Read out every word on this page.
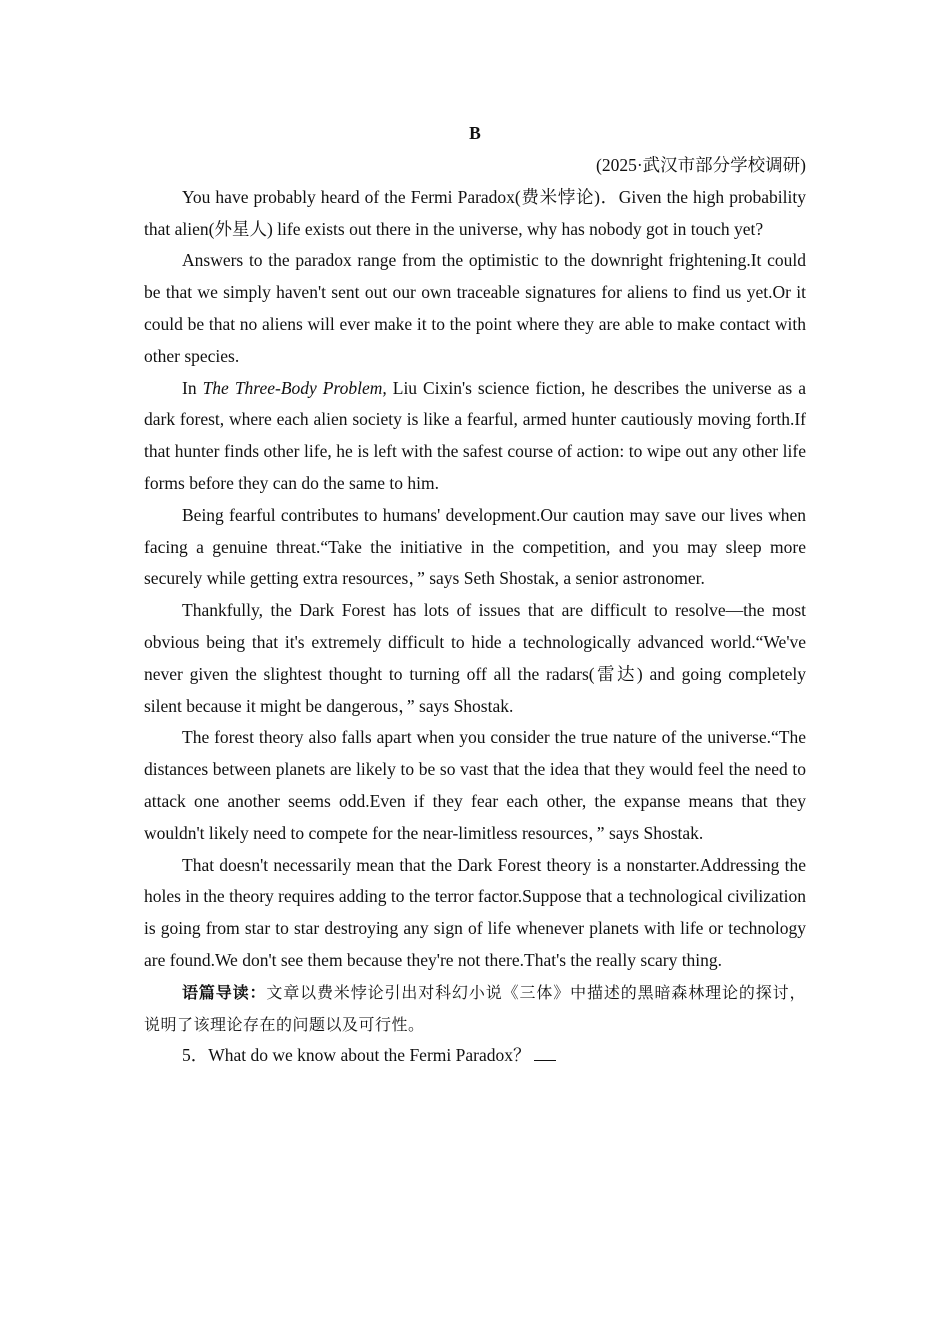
B

(2025·武汉市部分学校调研)

You have probably heard of the Fermi Paradox(费米悖论)．Given the high probability that alien(外星人) life exists out there in the universe, why has nobody got in touch yet?

Answers to the paradox range from the optimistic to the downright frightening.It could be that we simply haven't sent out our own traceable signatures for aliens to find us yet.Or it could be that no aliens will ever make it to the point where they are able to make contact with other species.

In The Three-Body Problem, Liu Cixin's science fiction, he describes the universe as a dark forest, where each alien society is like a fearful, armed hunter cautiously moving forth.If that hunter finds other life, he is left with the safest course of action: to wipe out any other life forms before they can do the same to him.

Being fearful contributes to humans' development.Our caution may save our lives when facing a genuine threat.“Take the initiative in the competition, and you may sleep more securely while getting extra resources，” says Seth Shostak, a senior astronomer.

Thankfully, the Dark Forest has lots of issues that are difficult to resolve—the most obvious being that it's extremely difficult to hide a technologically advanced world.“We've never given the slightest thought to turning off all the radars(雷达) and going completely silent because it might be dangerous，” says Shostak.

The forest theory also falls apart when you consider the true nature of the universe.“The distances between planets are likely to be so vast that the idea that they would feel the need to attack one another seems odd.Even if they fear each other, the expanse means that they wouldn't likely need to compete for the near-limitless resources，” says Shostak.

That doesn't necessarily mean that the Dark Forest theory is a nonstarter.Addressing the holes in the theory requires adding to the terror factor.Suppose that a technological civilization is going from star to star destroying any sign of life whenever planets with life or technology are found.We don't see them because they're not there.That's the really scary thing.

语篇导读：文章以费米悖论引出对科幻小说《三体》中描述的黑暗森林理论的探讨，说明了该理论存在的问题以及可行性。

5．What do we know about the Fermi Paradox？
